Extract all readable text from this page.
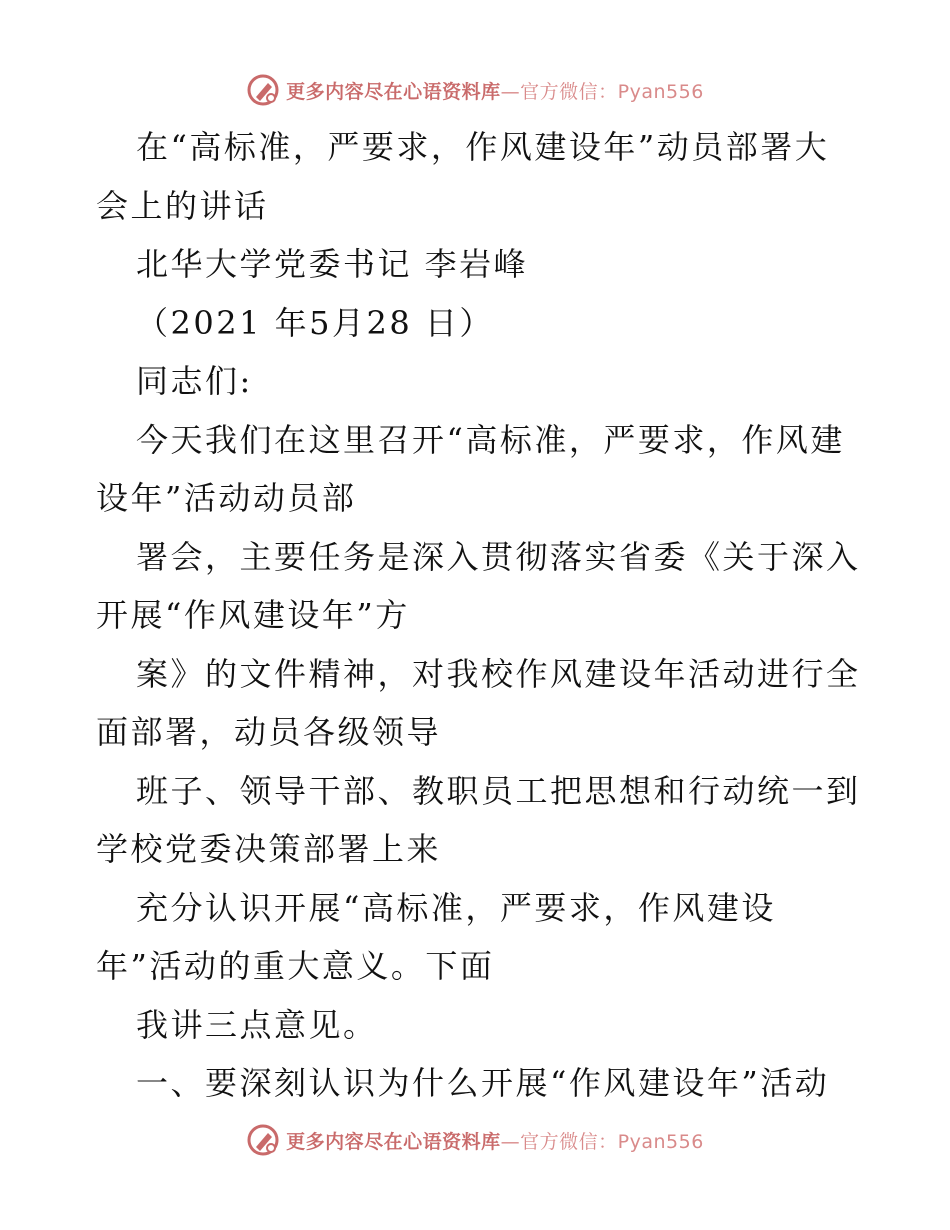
更多内容尽在心语资料库—官方微信：Pyan556
在“高标准，严要求，作风建设年”动员部署大
会上的讲话
北华大学党委书记 李岩峰
（2021 年5月28 日）
同志们:
今天我们在这里召开“高标准，严要求，作风建
设年”活动动员部
署会，主要任务是深入贯彻落实省委《关于深入
开展“作风建设年”方
案》的文件精神，对我校作风建设年活动进行全
面部署，动员各级领导
班子、领导干部、教职员工把思想和行动统一到
学校党委决策部署上来
充分认识开展“高标准，严要求，作风建设
年”活动的重大意义。下面
我讲三点意见。
一、要深刻认识为什么开展“作风建设年”活动
更多内容尽在心语资料库—官方微信：Pyan556
